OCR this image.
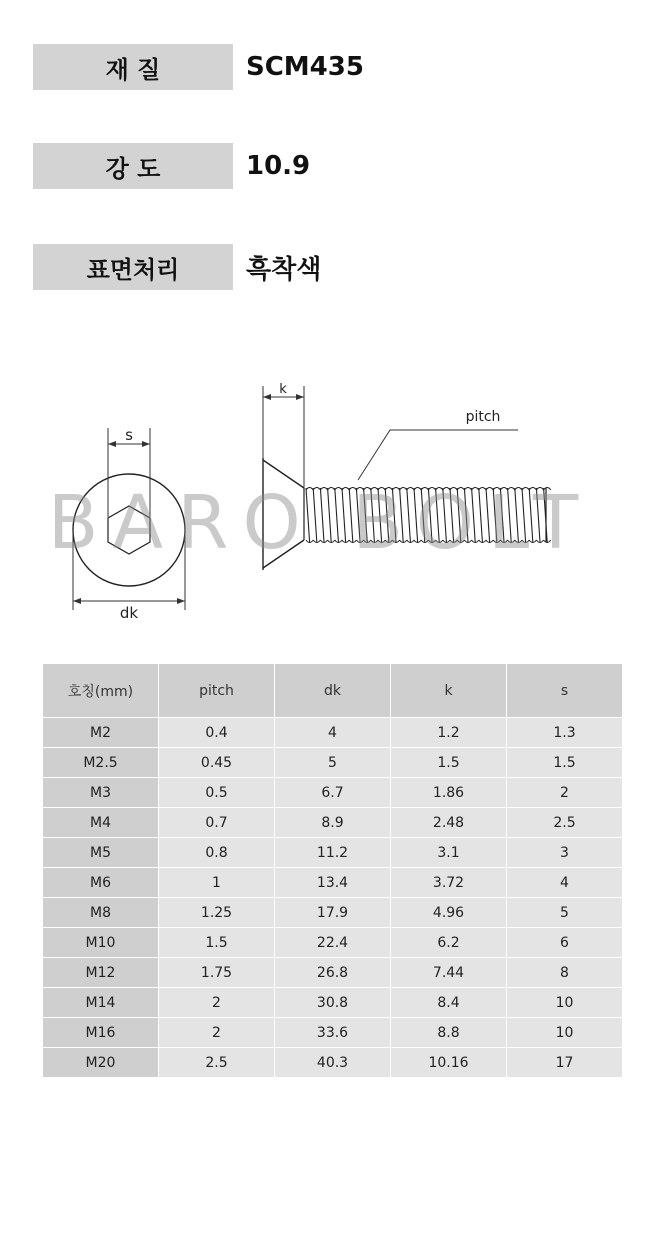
재 질	SCM435
강 도	10.9
표면처리	흑착색
s
dk
k
pitch
BARO BOLT
호칭(mm)	pitch	dk	k	s
M2	0.4	4	1.2	1.3
M2.5	0.45	5	1.5	1.5
M3	0.5	6.7	1.86	2
M4	0.7	8.9	2.48	2.5
M5	0.8	11.2	3.1	3
M6	1	13.4	3.72	4
M8	1.25	17.9	4.96	5
M10	1.5	22.4	6.2	6
M12	1.75	26.8	7.44	8
M14	2	30.8	8.4	10
M16	2	33.6	8.8	10
M20	2.5	40.3	10.16	17
